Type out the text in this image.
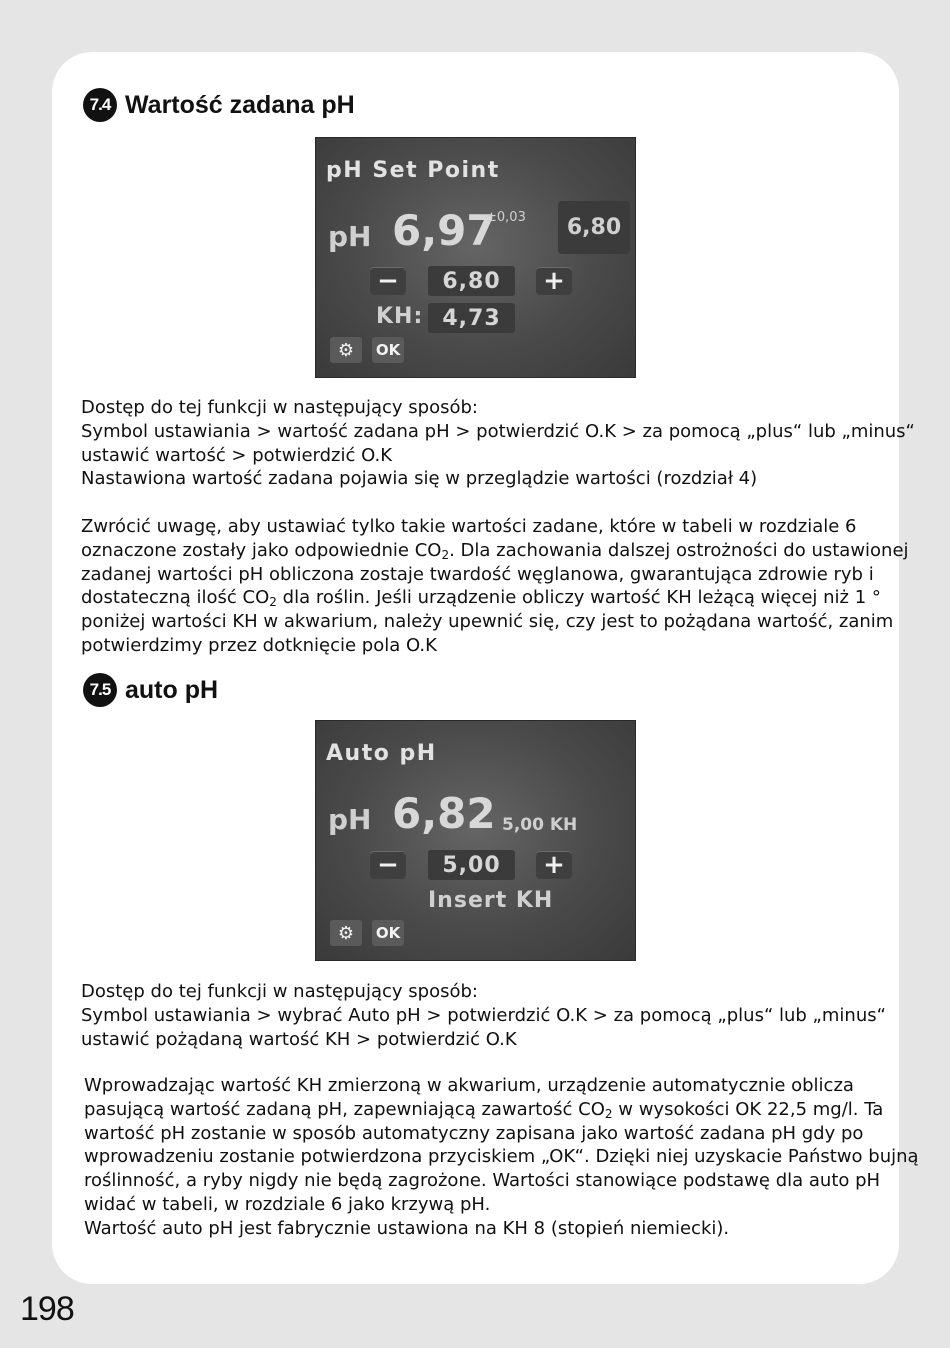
7.4 Wartość zadana pH
pH Set Point
pH 6,97
±0,03	6,80
−	6,80	+
KH: 4,73
⚙ OK
Dostęp do tej funkcji w następujący sposób:
Symbol ustawiania > wartość zadana pH > potwierdzić O.K > za pomocą „plus“ lub „minus“
ustawić wartość > potwierdzić O.K
Nastawiona wartość zadana pojawia się w przeglądzie wartości (rozdział 4)
Zwrócić uwagę, aby ustawiać tylko takie wartości zadane, które w tabeli w rozdziale 6
oznaczone zostały jako odpowiednie $CO_2$. Dla zachowania dalszej ostrożności do ustawionej
zadanej wartości pH obliczona zostaje twardość węglanowa, gwarantująca zdrowie ryb i
dostateczną ilość $CO_2$ dla roślin. Jeśli urządzenie obliczy wartość KH leżącą więcej niż 1 °
poniżej wartości KH w akwarium, należy upewnić się, czy jest to pożądana wartość, zanim
potwierdzimy przez dotknięcie pola O.K
7.5 auto pH
Auto pH
pH 6,82 5,00 KH
−	5,00	+
Insert KH
⚙ OK
Dostęp do tej funkcji w następujący sposób:
Symbol ustawiania > wybrać Auto pH > potwierdzić O.K > za pomocą „plus“ lub „minus“
ustawić pożądaną wartość KH > potwierdzić O.K
Wprowadzając wartość KH zmierzoną w akwarium, urządzenie automatycznie oblicza
pasującą wartość zadaną pH, zapewniającą zawartość $CO_2$ w wysokości OK 22,5 mg/l. Ta
wartość pH zostanie w sposób automatyczny zapisana jako wartość zadana pH gdy po
wprowadzeniu zostanie potwierdzona przyciskiem „OK“. Dzięki niej uzyskacie Państwo bujną
roślinność, a ryby nigdy nie będą zagrożone. Wartości stanowiące podstawę dla auto pH
widać w tabeli, w rozdziale 6 jako krzywą pH.
Wartość auto pH jest fabrycznie ustawiona na KH 8 (stopień niemiecki).
198
